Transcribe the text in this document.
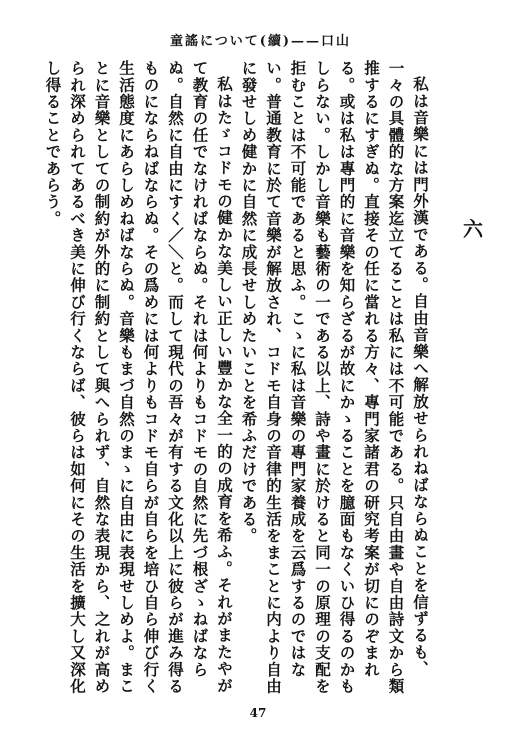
山口——(續)ていつに謠童
六

私は音樂には門外漢である。自由音樂へ解放せられねばならぬことを信ずるも、一々の具體的な方案迄立てることは私には不可能である。只自由畫や自由詩文から類推するにすぎぬ。直接その任に當れる方々、專門家諸君の研究考案が切にのぞまれる。或は私は專門的に音樂を知らざるが故にかゝることを臆面もなくいひ得るのかもしらない。しかし音樂も藝術の一である以上、詩や畫に於けると同一の原理の支配を拒むことは不可能であると思ふ。こゝに私は音樂の專門家養成を云爲するのではない。普通教育に於て音樂が解放され、コドモ自身の音律的生活をまことに内より自由に發せしめ健かに自然に成長せしめたいことを希ふだけである。

私はたゞコドモの健かな美しい正しい豐かな全一的の成育を希ふ。それがまたやがて教育の任でなければならぬ。それは何よりもコドモの自然に先づ根ざゝねばならぬ。自然に自由にすく／＼と。而して現代の吾々が有する文化以上に彼らが進み得るものにならねばならぬ。その爲めには何よりもコドモ自らが自らを培ひ自ら伸び行く生活態度にあらしめねばならぬ。音樂もまづ自然のまゝに自由に表現せしめよ。まことに音樂としての制約が外的に制約として與へられず、自然な表現から、之れが高められ深められてあるべき美に伸び行くならば、彼らは如何にその生活を擴大し又深化し得ることであらう。

47
